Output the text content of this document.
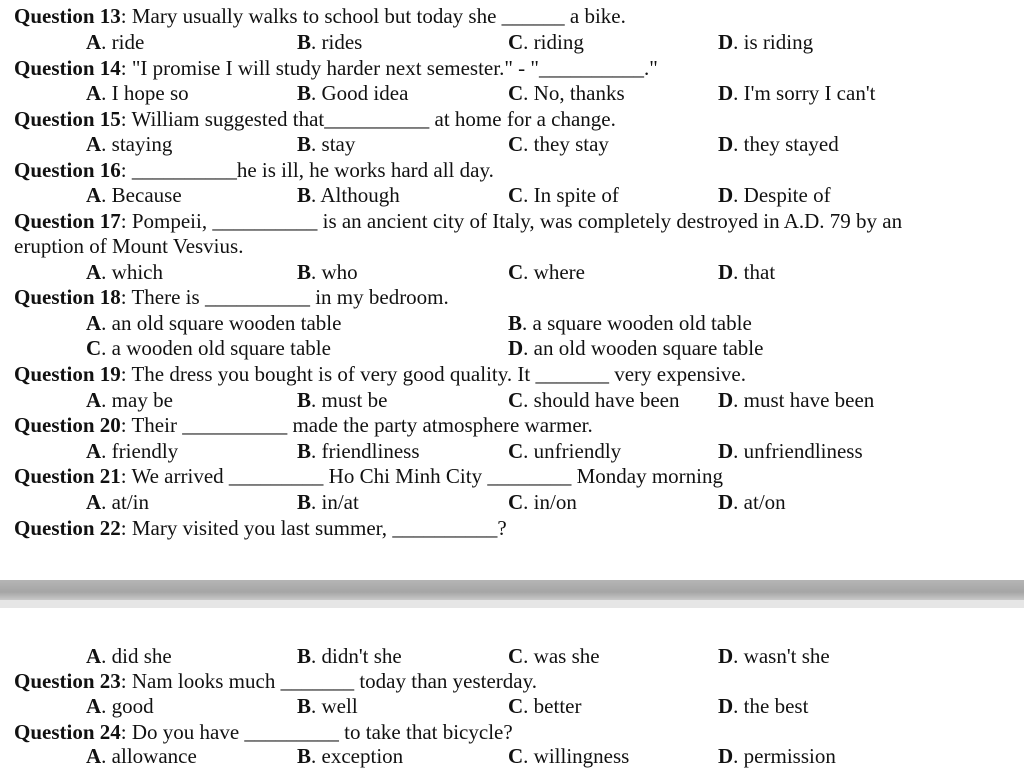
Question 13: Mary usually walks to school but today she ______ a bike.
A. ride	B. rides	C. riding	D. is riding
Question 14: "I promise I will study harder next semester." - "__________."
A. I hope so	B. Good idea	C. No, thanks	D. I'm sorry I can't
Question 15: William suggested that__________ at home for a change.
A. staying	B. stay	C. they stay	D. they stayed
Question 16: __________he is ill, he works hard all day.
A. Because	B. Although	C. In spite of	D. Despite of
Question 17: Pompeii, __________ is an ancient city of Italy, was completely destroyed in A.D. 79 by an
eruption of Mount Vesvius.
A. which	B. who	C. where	D. that
Question 18: There is __________ in my bedroom.
A. an old square wooden table	B. a square wooden old table
C. a wooden old square table	D. an old wooden square table
Question 19: The dress you bought is of very good quality. It _______ very expensive.
A. may be	B. must be	C. should have been D. must have been
Question 20: Their __________ made the party atmosphere warmer.
A. friendly	B. friendliness	C. unfriendly	D. unfriendliness
Question 21: We arrived _________ Ho Chi Minh City ________ Monday morning
A. at/in	B. in/at	C. in/on	D. at/on
Question 22: Mary visited you last summer, __________?
A. did she	B. didn't she	C. was she	D. wasn't she
Question 23: Nam looks much _______ today than yesterday.
A. good	B. well	C. better	D. the best
Question 24: Do you have _________ to take that bicycle?
A. allowance	B. exception	C. willingness	D. permission
